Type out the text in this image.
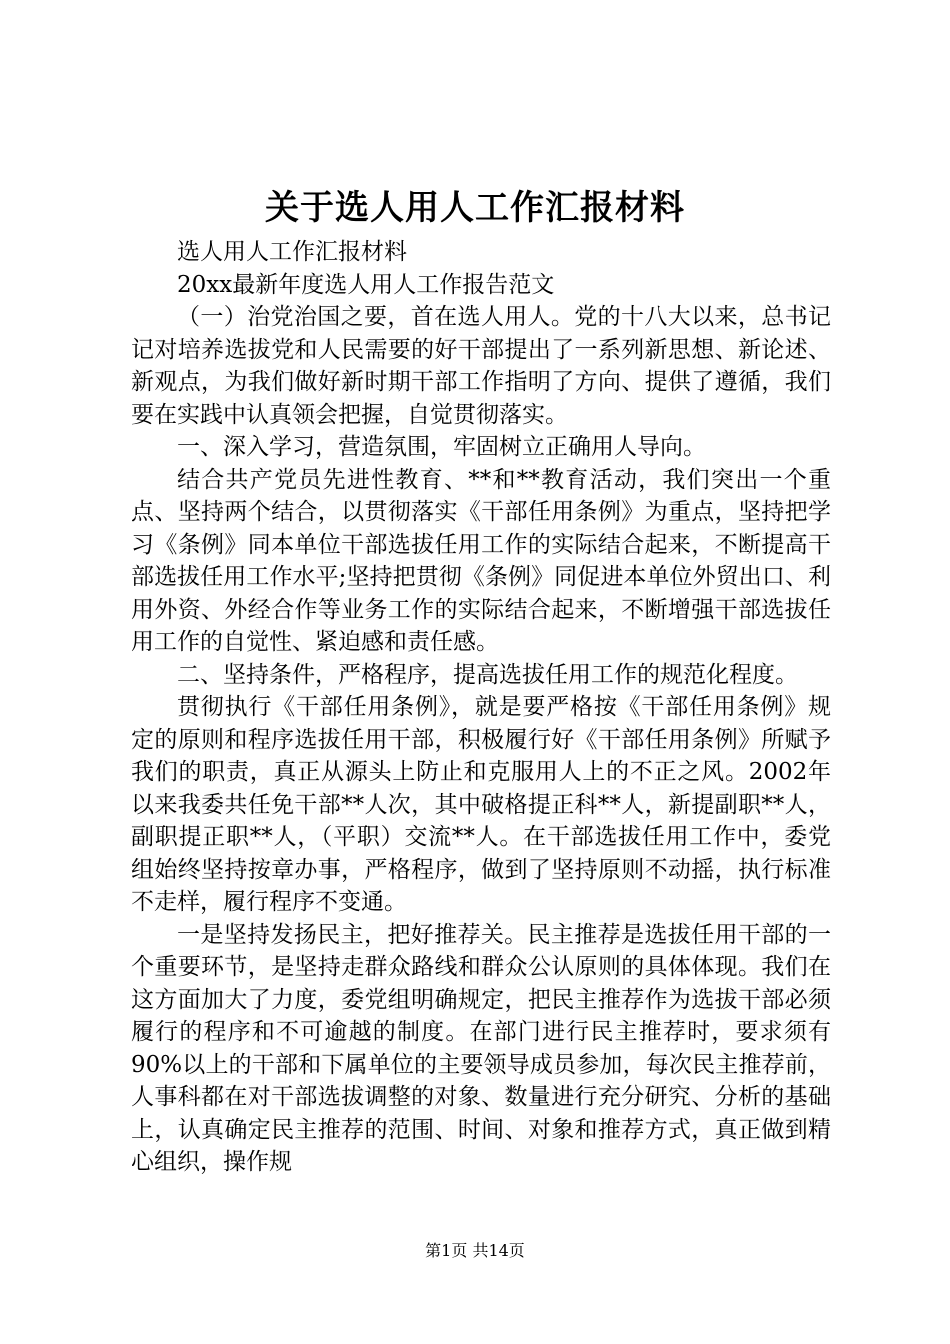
关于选人用人工作汇报材料

选人用人工作汇报材料

20xx最新年度选人用人工作报告范文

（一）治党治国之要，首在选人用人。党的十八大以来，总书记记对培养选拔党和人民需要的好干部提出了一系列新思想、新论述、新观点，为我们做好新时期干部工作指明了方向、提供了遵循，我们要在实践中认真领会把握，自觉贯彻落实。

一、深入学习，营造氛围，牢固树立正确用人导向。

结合共产党员先进性教育、**和**教育活动，我们突出一个重点、坚持两个结合，以贯彻落实《干部任用条例》为重点，坚持把学习《条例》同本单位干部选拔任用工作的实际结合起来，不断提高干部选拔任用工作水平;坚持把贯彻《条例》同促进本单位外贸出口、利用外资、外经合作等业务工作的实际结合起来，不断增强干部选拔任用工作的自觉性、紧迫感和责任感。

二、坚持条件，严格程序，提高选拔任用工作的规范化程度。

贯彻执行《干部任用条例》，就是要严格按《干部任用条例》规定的原则和程序选拔任用干部，积极履行好《干部任用条例》所赋予我们的职责，真正从源头上防止和克服用人上的不正之风。2002年以来我委共任免干部**人次，其中破格提正科**人，新提副职**人，副职提正职**人，（平职）交流**人。在干部选拔任用工作中，委党组始终坚持按章办事，严格程序，做到了坚持原则不动摇，执行标准不走样，履行程序不变通。

一是坚持发扬民主，把好推荐关。民主推荐是选拔任用干部的一个重要环节，是坚持走群众路线和群众公认原则的具体体现。我们在这方面加大了力度，委党组明确规定，把民主推荐作为选拔干部必须履行的程序和不可逾越的制度。在部门进行民主推荐时，要求须有90%以上的干部和下属单位的主要领导成员参加，每次民主推荐前，人事科都在对干部选拔调整的对象、数量进行充分研究、分析的基础上，认真确定民主推荐的范围、时间、对象和推荐方式，真正做到精心组织，操作规

第1页 共14页
